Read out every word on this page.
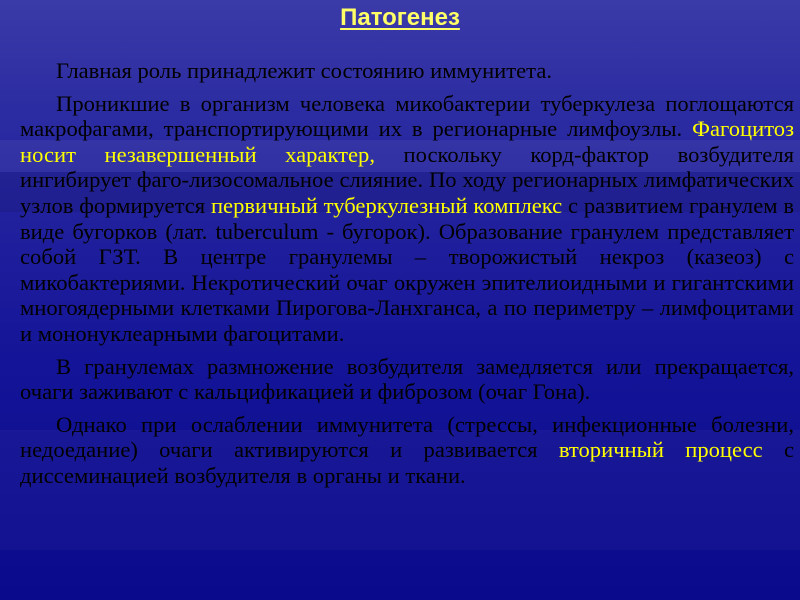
Патогенез

Главная роль принадлежит состоянию иммунитета.

Проникшие в организм человека микобактерии туберкулеза поглощаются макрофагами, транспортирующими их в регионарные лимфоузлы. Фагоцитоз носит незавершенный характер, поскольку корд-фактор возбудителя ингибирует фаго-лизосомальное слияние. По ходу регионарных лимфатических узлов формируется первичный туберкулезный комплекс с развитием гранулем в виде бугорков (лат. tuberculum - бугорок). Образование гранулем представляет собой ГЗТ. В центре гранулемы – творожистый некроз (казеоз) с микобактериями. Некротический очаг окружен эпителиоидными и гигантскими многоядерными клетками Пирогова-Ланхганса, а по периметру – лимфоцитами и мононуклеарными фагоцитами.

В гранулемах размножение возбудителя замедляется или прекращается, очаги заживают с кальцификацией и фиброзом (очаг Гона).

Однако при ослаблении иммунитета (стрессы, инфекционные болезни, недоедание) очаги активируются и развивается вторичный процесс с диссеминацией возбудителя в органы и ткани.
